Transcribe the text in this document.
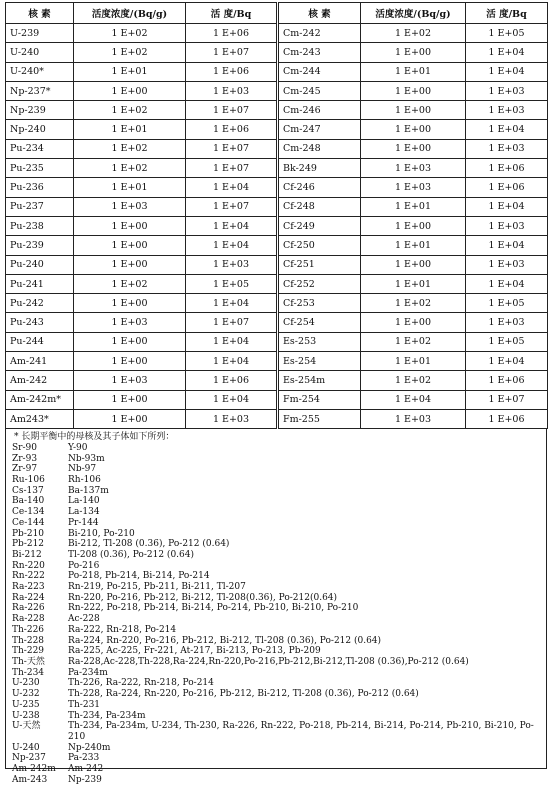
核 素	活度浓度/(Bq/g)	活 度/Bq	核 素	活度浓度/(Bq/g)	活 度/Bq
U-239	1 E+02	1 E+06	Cm-242	1 E+02	1 E+05
U-240	1 E+02	1 E+07	Cm-243	1 E+00	1 E+04
U-240*	1 E+01	1 E+06	Cm-244	1 E+01	1 E+04
Np-237*	1 E+00	1 E+03	Cm-245	1 E+00	1 E+03
Np-239	1 E+02	1 E+07	Cm-246	1 E+00	1 E+03
Np-240	1 E+01	1 E+06	Cm-247	1 E+00	1 E+04
Pu-234	1 E+02	1 E+07	Cm-248	1 E+00	1 E+03
Pu-235	1 E+02	1 E+07	Bk-249	1 E+03	1 E+06
Pu-236	1 E+01	1 E+04	Cf-246	1 E+03	1 E+06
Pu-237	1 E+03	1 E+07	Cf-248	1 E+01	1 E+04
Pu-238	1 E+00	1 E+04	Cf-249	1 E+00	1 E+03
Pu-239	1 E+00	1 E+04	Cf-250	1 E+01	1 E+04
Pu-240	1 E+00	1 E+03	Cf-251	1 E+00	1 E+03
Pu-241	1 E+02	1 E+05	Cf-252	1 E+01	1 E+04
Pu-242	1 E+00	1 E+04	Cf-253	1 E+02	1 E+05
Pu-243	1 E+03	1 E+07	Cf-254	1 E+00	1 E+03
Pu-244	1 E+00	1 E+04	Es-253	1 E+02	1 E+05
Am-241	1 E+00	1 E+04	Es-254	1 E+01	1 E+04
Am-242	1 E+03	1 E+06	Es-254m	1 E+02	1 E+06
Am-242m*	1 E+00	1 E+04	Fm-254	1 E+04	1 E+07
Am243*	1 E+00	1 E+03	Fm-255	1 E+03	1 E+06
* 长期平衡中的母核及其子体如下所列：
Sr-90	Y-90
Zr-93	Nb-93m
Zr-97	Nb-97
Ru-106	Rh-106
Cs-137	Ba-137m
Ba-140	La-140
Ce-134	La-134
Ce-144	Pr-144
Pb-210	Bi-210, Po-210
Pb-212	Bi-212, Tl-208 (0.36), Po-212 (0.64)
Bi-212	Tl-208 (0.36), Po-212 (0.64)
Rn-220	Po-216
Rn-222	Po-218, Pb-214, Bi-214, Po-214
Ra-223	Rn-219, Po-215, Pb-211, Bi-211, Tl-207
Ra-224	Rn-220, Po-216, Pb-212, Bi-212, Tl-208(0.36), Po-212(0.64)
Ra-226	Rn-222, Po-218, Pb-214, Bi-214, Po-214, Pb-210, Bi-210, Po-210
Ra-228	Ac-228
Th-226	Ra-222, Rn-218, Po-214
Th-228	Ra-224, Rn-220, Po-216, Pb-212, Bi-212, Tl-208 (0.36), Po-212 (0.64)
Th-229	Ra-225, Ac-225, Fr-221, At-217, Bi-213, Po-213, Pb-209
Th-天然	Ra-228,Ac-228,Th-228,Ra-224,Rn-220,Po-216,Pb-212,Bi-212,Tl-208 (0.36),Po-212 (0.64)
Th-234	Pa-234m
U-230	Th-226, Ra-222, Rn-218, Po-214
U-232	Th-228, Ra-224, Rn-220, Po-216, Pb-212, Bi-212, Tl-208 (0.36), Po-212 (0.64)
U-235	Th-231
U-238	Th-234, Pa-234m
U-天然	Th-234, Pa-234m, U-234, Th-230, Ra-226, Rn-222, Po-218, Pb-214, Bi-214, Po-214, Pb-210, Bi-210, Po-210
U-240	Np-240m
Np-237	Pa-233
Am-242m	Am-242
Am-243	Np-239
